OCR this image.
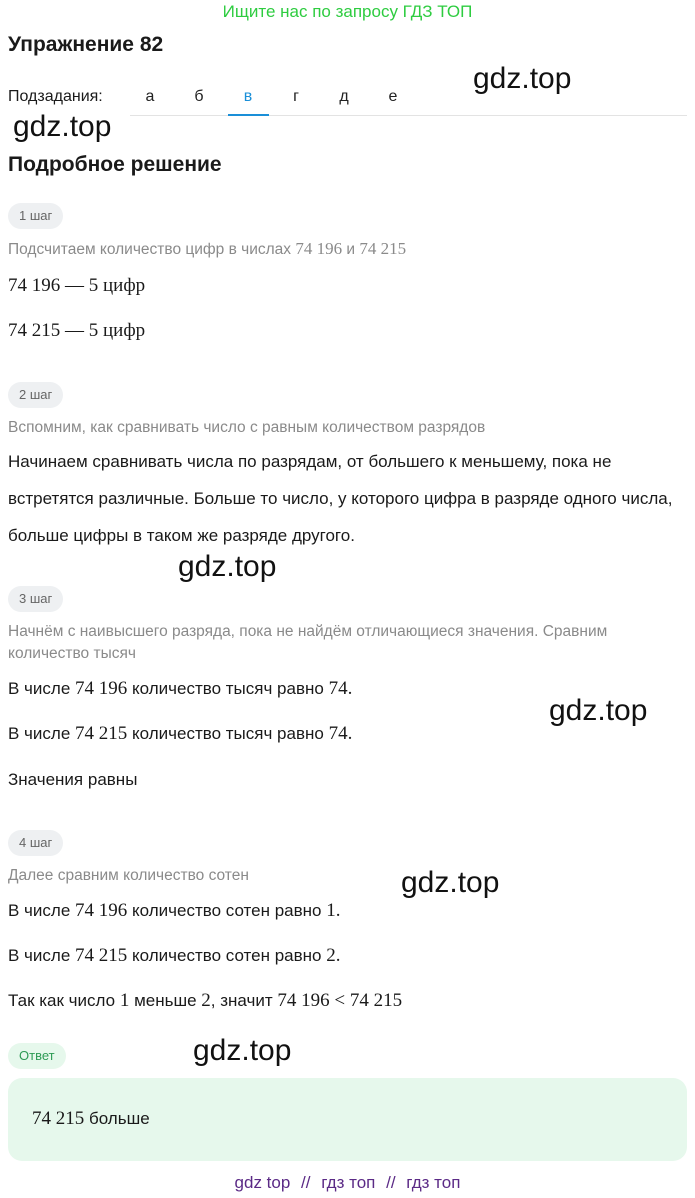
Ищите нас по запросу ГДЗ ТОП
Упражнение 82
Подзадания:	а	б	в	г	д	е
Подробное решение
1 шаг
Подсчитаем количество цифр в числах 74 196 и 74 215
74 196 — 5 цифр
74 215 — 5 цифр
2 шаг
Вспомним, как сравнивать число с равным количеством разрядов
Начинаем сравнивать числа по разрядам, от большего к меньшему, пока не встретятся различные. Больше то число, у которого цифра в разряде одного числа, больше цифры в таком же разряде другого.
3 шаг
Начнём с наивысшего разряда, пока не найдём отличающиеся значения. Сравним количество тысяч
В числе 74 196 количество тысяч равно 74.
В числе 74 215 количество тысяч равно 74.
Значения равны
4 шаг
Далее сравним количество сотен
В числе 74 196 количество сотен равно 1.
В числе 74 215 количество сотен равно 2.
Так как число 1 меньше 2, значит 74 196 < 74 215
Ответ
74 215 больше
gdz.top
gdz.top
gdz.top
gdz.top
gdz.top
gdz.top
gdz top // гдз топ // гдз топ
